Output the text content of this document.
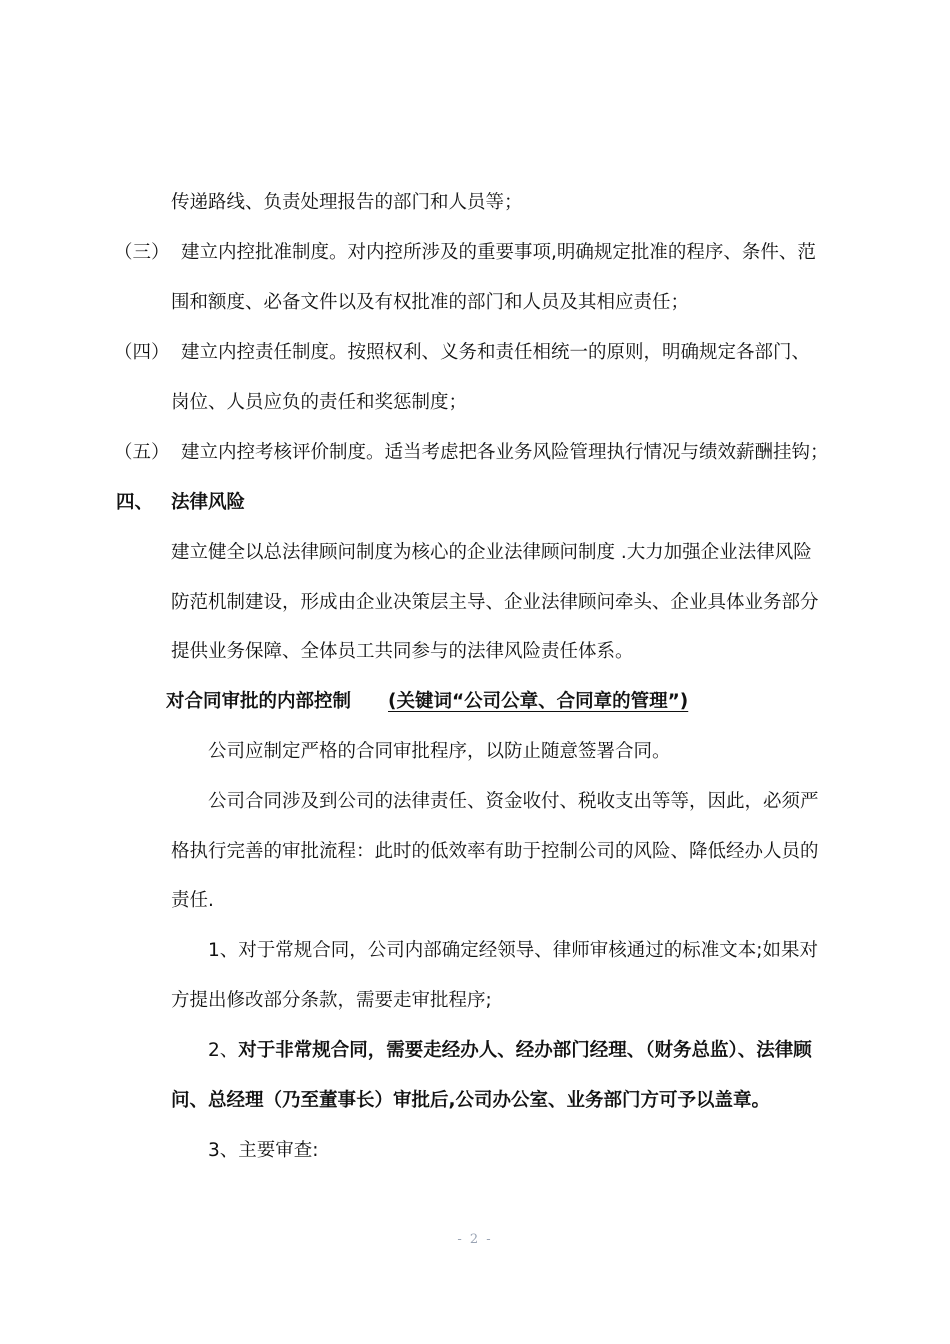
传递路线、负责处理报告的部门和人员等；
（三） 建立内控批准制度。对内控所涉及的重要事项,明确规定批准的程序、条件、范
围和额度、必备文件以及有权批准的部门和人员及其相应责任；
（四） 建立内控责任制度。按照权利、义务和责任相统一的原则，明确规定各部门、
岗位、人员应负的责任和奖惩制度；
（五） 建立内控考核评价制度。适当考虑把各业务风险管理执行情况与绩效薪酬挂钩；
四、 法律风险
建立健全以总法律顾问制度为核心的企业法律顾问制度 .大力加强企业法律风险
防范机制建设，形成由企业决策层主导、企业法律顾问牵头、企业具体业务部分
提供业务保障、全体员工共同参与的法律风险责任体系。
对合同审批的内部控制 (关键词“公司公章、合同章的管理”)
公司应制定严格的合同审批程序，以防止随意签署合同。
公司合同涉及到公司的法律责任、资金收付、税收支出等等，因此，必须严
格执行完善的审批流程：此时的低效率有助于控制公司的风险、降低经办人员的
责任.
1、对于常规合同，公司内部确定经领导、律师审核通过的标准文本;如果对
方提出修改部分条款，需要走审批程序;
2、对于非常规合同，需要走经办人、经办部门经理、（财务总监）、法律顾
问、总经理（乃至董事长）审批后,公司办公室、业务部门方可予以盖章。
3、主要审查:
- 2 -
